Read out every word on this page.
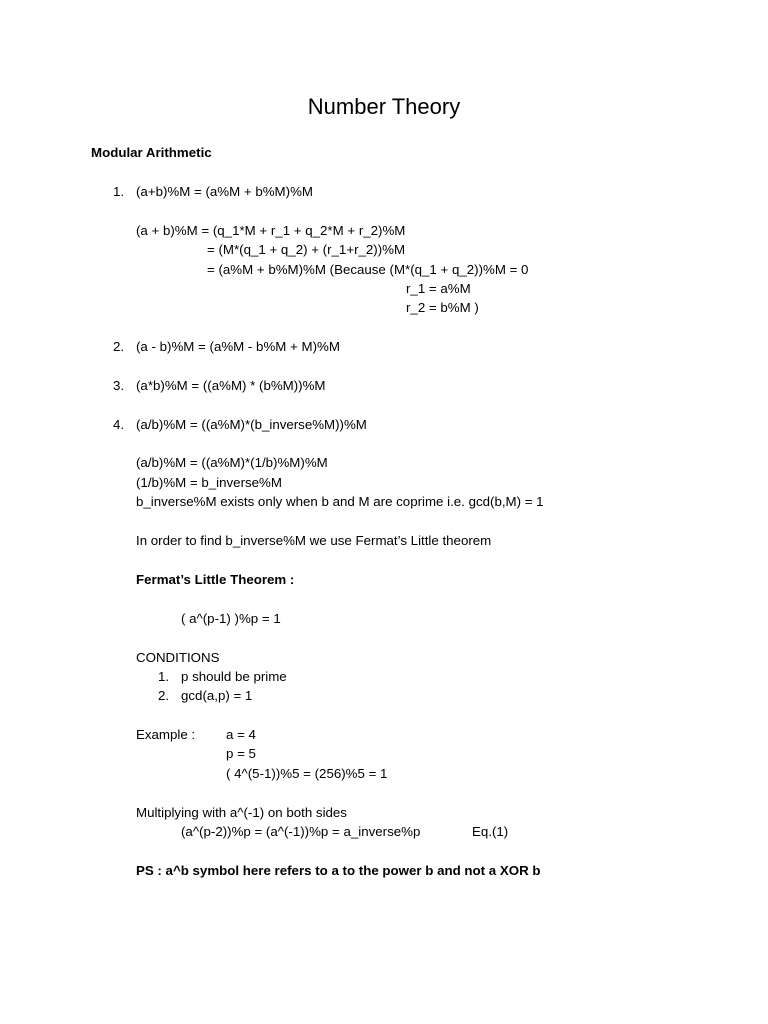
Number Theory
Modular Arithmetic
1. (a+b)%M = (a%M + b%M)%M
(a + b)%M = (q_1*M + r_1 + q_2*M + r_2)%M
= (M*(q_1 + q_2) + (r_1+r_2))%M
= (a%M + b%M)%M (Because (M*(q_1 + q_2))%M = 0
r_1 = a%M
r_2 = b%M )
2. (a - b)%M = (a%M - b%M + M)%M
3. (a*b)%M = ((a%M) * (b%M))%M
4. (a/b)%M = ((a%M)*(b_inverse%M))%M
(a/b)%M = ((a%M)*(1/b)%M)%M
(1/b)%M = b_inverse%M
b_inverse%M exists only when b and M are coprime i.e. gcd(b,M) = 1
In order to find b_inverse%M we use Fermat’s Little theorem
Fermat’s Little Theorem :
( a^(p-1) )%p = 1
CONDITIONS
1. p should be prime
2. gcd(a,p) = 1
Example : a = 4
p = 5
( 4^(5-1))%5 = (256)%5 = 1
Multiplying with a^(-1) on both sides
(a^(p-2))%p = (a^(-1))%p = a_inverse%p	Eq.(1)
PS : a^b symbol here refers to a to the power b and not a XOR b
